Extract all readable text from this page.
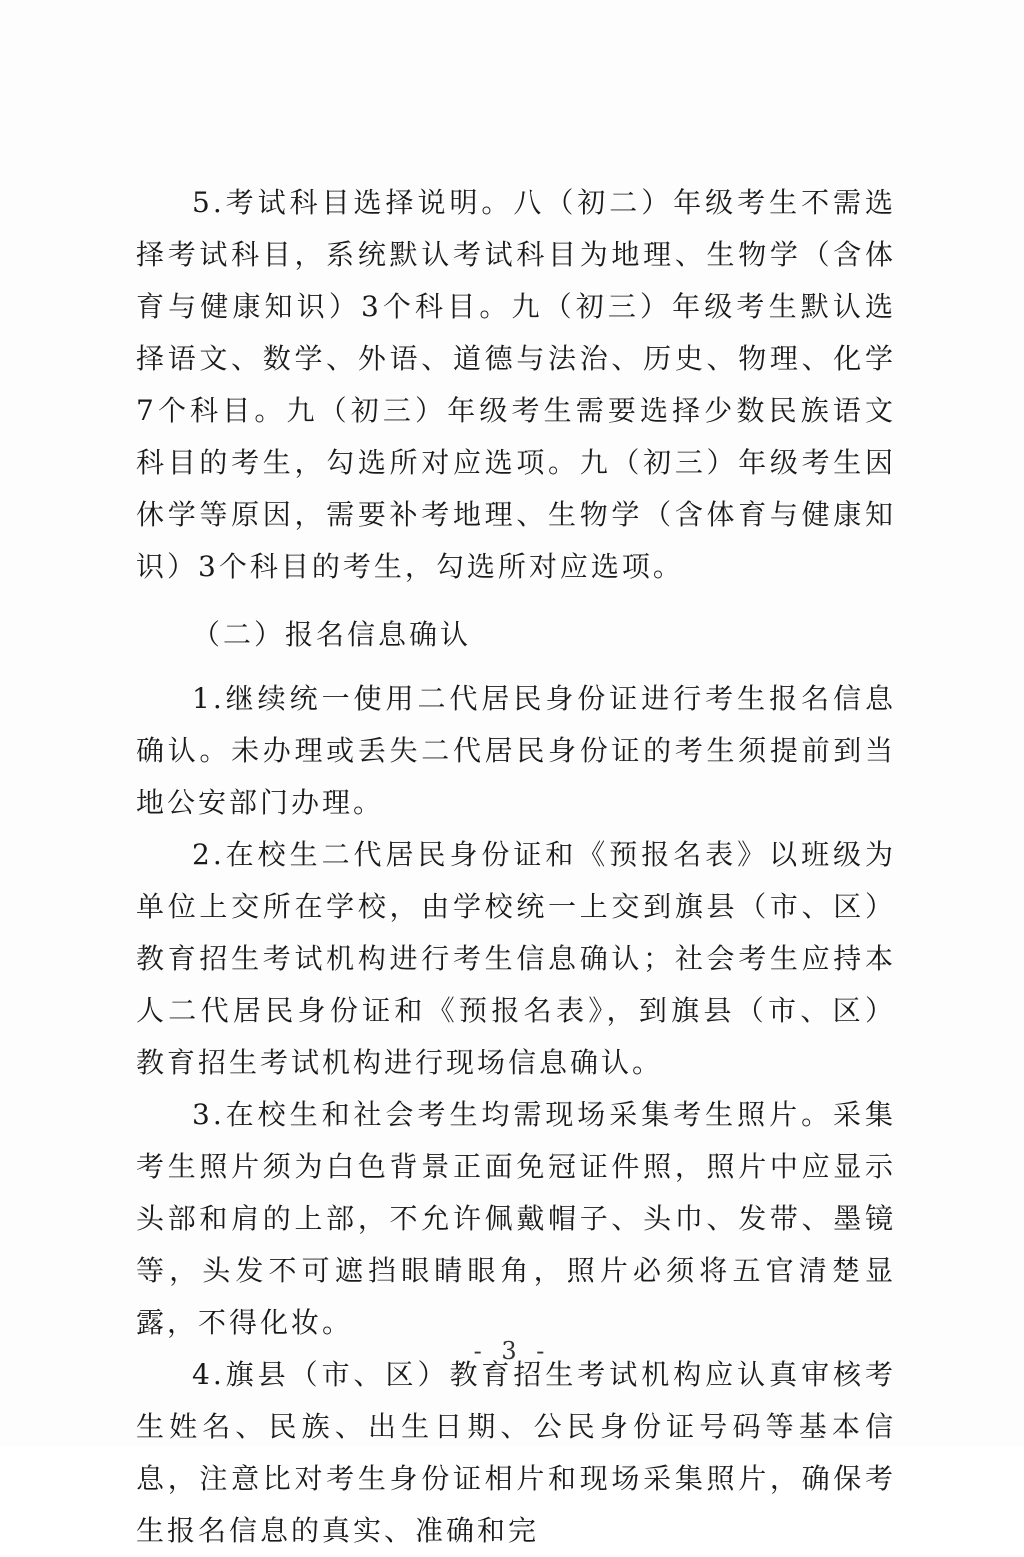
5.考试科目选择说明。八（初二）年级考生不需选择考试科目，系统默认考试科目为地理、生物学（含体育与健康知识）3个科目。九（初三）年级考生默认选择语文、数学、外语、道德与法治、历史、物理、化学7个科目。九（初三）年级考生需要选择少数民族语文科目的考生，勾选所对应选项。九（初三）年级考生因休学等原因，需要补考地理、生物学（含体育与健康知识）3个科目的考生，勾选所对应选项。

（二）报名信息确认

1.继续统一使用二代居民身份证进行考生报名信息确认。未办理或丢失二代居民身份证的考生须提前到当地公安部门办理。

2.在校生二代居民身份证和《预报名表》以班级为单位上交所在学校，由学校统一上交到旗县（市、区）教育招生考试机构进行考生信息确认；社会考生应持本人二代居民身份证和《预报名表》，到旗县（市、区）教育招生考试机构进行现场信息确认。

3.在校生和社会考生均需现场采集考生照片。采集考生照片须为白色背景正面免冠证件照，照片中应显示头部和肩的上部，不允许佩戴帽子、头巾、发带、墨镜等，头发不可遮挡眼睛眼角，照片必须将五官清楚显露，不得化妆。

4.旗县（市、区）教育招生考试机构应认真审核考生姓名、民族、出生日期、公民身份证号码等基本信息，注意比对考生身份证相片和现场采集照片，确保考生报名信息的真实、准确和完

- 3 -
